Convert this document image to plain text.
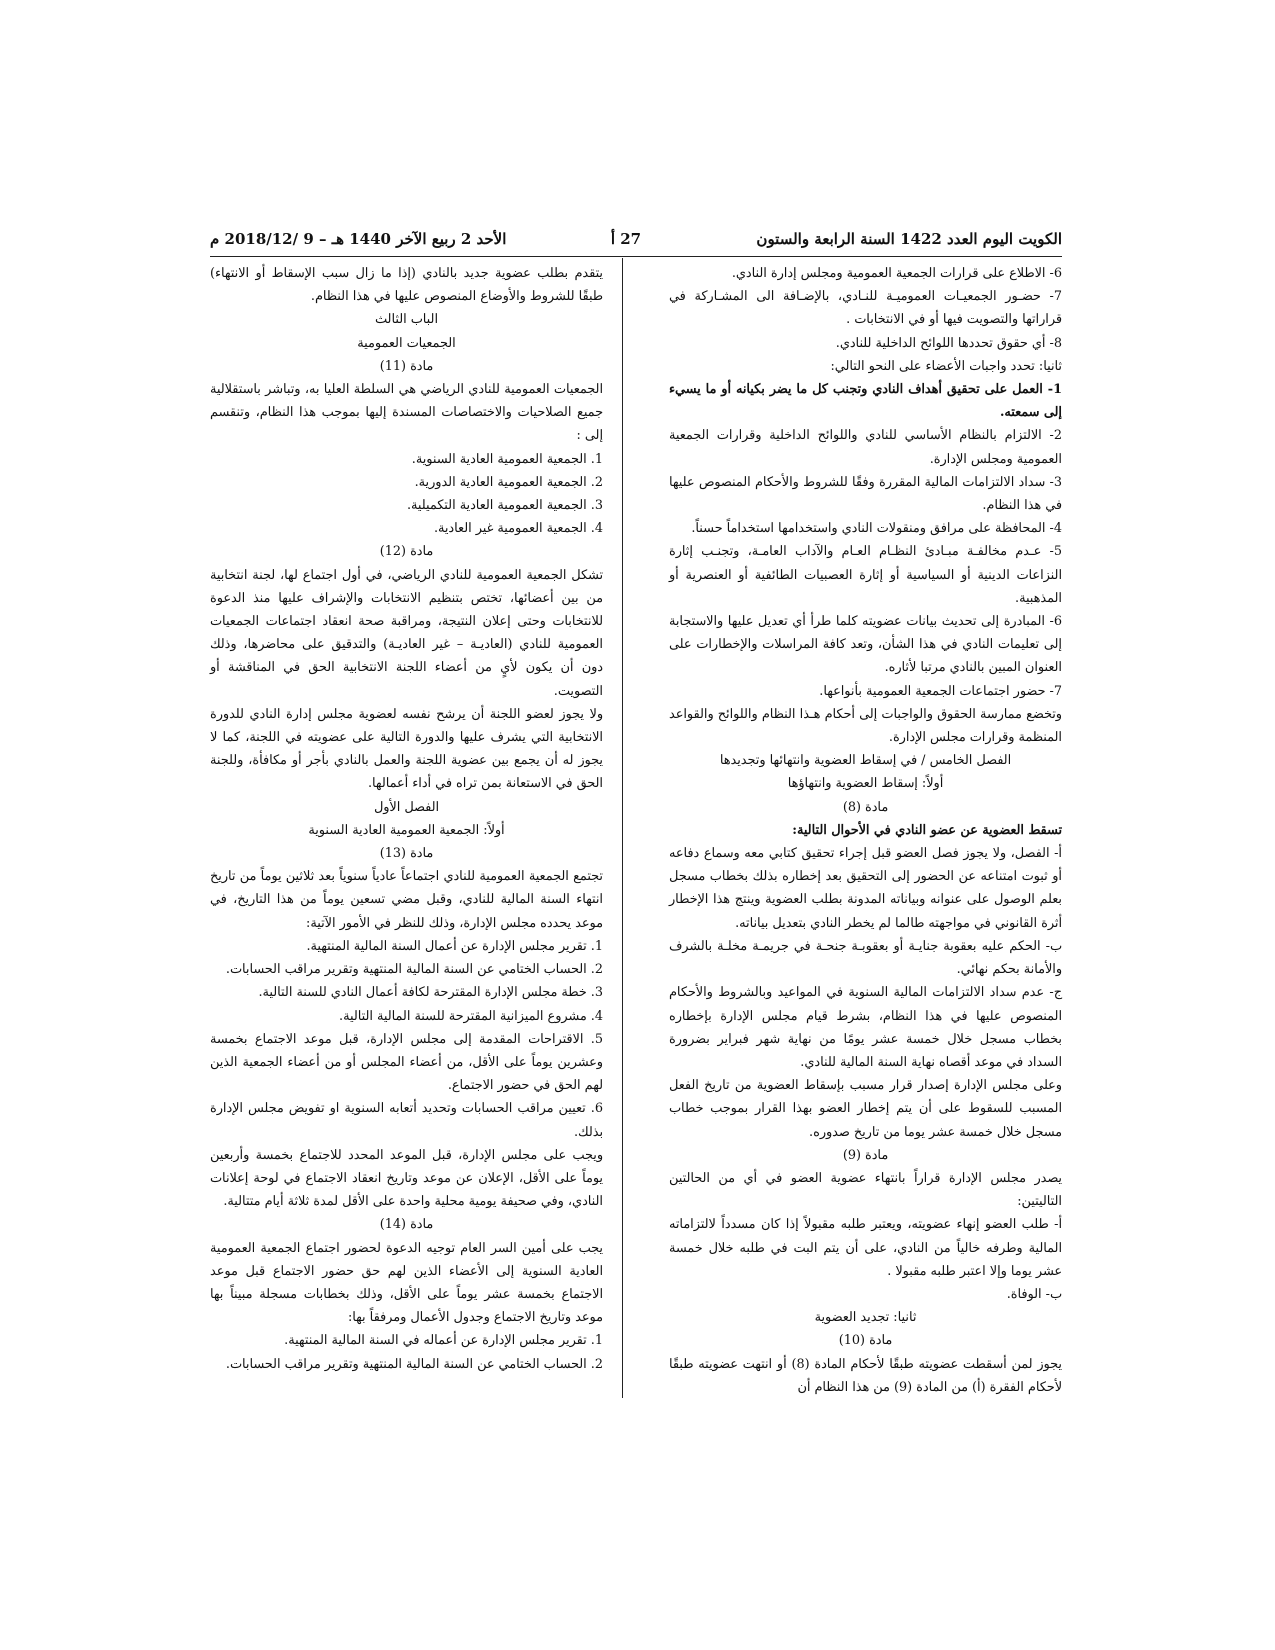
الكويت اليوم العدد 1422 السنة الرابعة والستون
27 أ
الأحد 2 ربيع الآخر 1440 هـ – 9 /2018/12 م

6- الاطلاع على قرارات الجمعية العمومية ومجلس إدارة النادي.

7- حضـور الجمعيـات العموميـة للنـادي، بالإضـافة الى المشـاركة في قراراتها والتصويت فيها أو في الانتخابات .

8- أي حقوق تحددها اللوائح الداخلية للنادي.

ثانيا: تحدد واجبات الأعضاء على النحو التالي:

1- العمل على تحقيق أهداف النادي وتجنب كل ما يضر بكيانه أو ما يسيء إلى سمعته.

2- الالتزام بالنظام الأساسي للنادي واللوائح الداخلية وقرارات الجمعية العمومية ومجلس الإدارة.

3- سداد الالتزامات المالية المقررة وفقًا للشروط والأحكام المنصوص عليها في هذا النظام.

4- المحافظة على مرافق ومنقولات النادي واستخدامها استخداماً حسناً.

5- عـدم مخالفـة مبـادئ النظـام العـام والآداب العامـة، وتجنـب إثارة النزاعات الدينية أو السياسية أو إثارة العصبيات الطائفية أو العنصرية أو المذهبية.

6- المبادرة إلى تحديث بيانات عضويته كلما طرأ أي تعديل عليها والاستجابة إلى تعليمات النادي في هذا الشأن، وتعد كافة المراسلات والإخطارات على العنوان المبين بالنادي مرتبا لأثاره.

7- حضور اجتماعات الجمعية العمومية بأنواعها.

وتخضع ممارسة الحقوق والواجبات إلى أحكام هـذا النظام واللوائح والقواعد المنظمة وقرارات مجلس الإدارة.

الفصل الخامس / في إسقاط العضوية وانتهائها وتجديدها

أولاً: إسقاط العضوية وانتهاؤها

مادة (8)

تسقط العضوية عن عضو النادي في الأحوال التالية:

أ- الفصل، ولا يجوز فصل العضو قبل إجراء تحقيق كتابي معه وسماع دفاعه أو ثبوت امتناعه عن الحضور إلى التحقيق بعد إخطاره بذلك بخطاب مسجل بعلم الوصول على عنوانه وبياناته المدونة بطلب العضوية وينتج هذا الإخطار أثرة القانوني في مواجهته طالما لم يخطر النادي بتعديل بياناته.

ب- الحكم عليه بعقوبة جنايـة أو بعقوبـة جنحـة في جريمـة مخلـة بالشرف والأمانة بحكم نهائي.

ج- عدم سداد الالتزامات المالية السنوية في المواعيد وبالشروط والأحكام المنصوص عليها في هذا النظام، بشرط قيام مجلس الإدارة بإخطاره بخطاب مسجل خلال خمسة عشر يومًا من نهاية شهر فبراير بضرورة السداد في موعد أقصاه نهاية السنة المالية للنادي.

وعلى مجلس الإدارة إصدار قرار مسبب بإسقاط العضوية من تاريخ الفعل المسبب للسقوط على أن يتم إخطار العضو بهذا القرار بموجب خطاب مسجل خلال خمسة عشر يوما من تاريخ صدوره.

مادة (9)

يصدر مجلس الإدارة قراراً بانتهاء عضوية العضو في أي من الحالتين التاليتين:

أ- طلب العضو إنهاء عضويته، ويعتبر طلبه مقبولاً إذا كان مسدداً لالتزاماته المالية وطرفه خالياً من النادي، على أن يتم البت في طلبه خلال خمسة عشر يوما وإلا اعتبر طلبه مقبولا .

ب- الوفاة.

ثانيا: تجديد العضوية

مادة (10)

يجوز لمن أسقطت عضويته طبقًا لأحكام المادة (8) أو انتهت عضويته طبقًا لأحكام الفقرة (أ) من المادة (9) من هذا النظام أن

يتقدم بطلب عضوية جديد بالنادي (إذا ما زال سبب الإسقاط أو الانتهاء) طبقًا للشروط والأوضاع المنصوص عليها في هذا النظام.

الباب الثالث

الجمعيات العمومية

مادة (11)

الجمعيات العمومية للنادي الرياضي هي السلطة العليا به، وتباشر باستقلالية جميع الصلاحيات والاختصاصات المسندة إليها بموجب هذا النظام، وتنقسم إلى :

1. الجمعية العمومية العادية السنوية.

2. الجمعية العمومية العادية الدورية.

3. الجمعية العمومية العادية التكميلية.

4. الجمعية العمومية غير العادية.

مادة (12)

تشكل الجمعية العمومية للنادي الرياضي، في أول اجتماع لها، لجنة انتخابية من بين أعضائها، تختص بتنظيم الانتخابات والإشراف عليها منذ الدعوة للانتخابات وحتى إعلان النتيجة، ومراقبة صحة انعقاد اجتماعات الجمعيات العمومية للنادي (العاديـة – غير العاديـة) والتدقيق على محاضرها، وذلك دون أن يكون لأيٍ من أعضاء اللجنة الانتخابية الحق في المناقشة أو التصويت.

ولا يجوز لعضو اللجنة أن يرشح نفسه لعضوية مجلس إدارة النادي للدورة الانتخابية التي يشرف عليها والدورة التالية على عضويته في اللجنة، كما لا يجوز له أن يجمع بين عضوية اللجنة والعمل بالنادي بأجر أو مكافأة، وللجنة الحق في الاستعانة بمن تراه في أداء أعمالها.

الفصل الأول

أولاً: الجمعية العمومية العادية السنوية

مادة (13)

تجتمع الجمعية العمومية للنادي اجتماعاً عادياً سنوياً بعد ثلاثين يوماً من تاريخ انتهاء السنة المالية للنادي، وقبل مضي تسعين يوماً من هذا التاريخ، في موعد يحدده مجلس الإدارة، وذلك للنظر في الأمور الآتية:

1. تقرير مجلس الإدارة عن أعمال السنة المالية المنتهية.

2. الحساب الختامي عن السنة المالية المنتهية وتقرير مراقب الحسابات.

3. خطة مجلس الإدارة المقترحة لكافة أعمال النادي للسنة التالية.

4. مشروع الميزانية المقترحة للسنة المالية التالية.

5. الاقتراحات المقدمة إلى مجلس الإدارة، قبل موعد الاجتماع بخمسة وعشرين يوماً على الأقل، من أعضاء المجلس أو من أعضاء الجمعية الذين لهم الحق في حضور الاجتماع.

6. تعيين مراقب الحسابات وتحديد أتعابه السنوية او تفويض مجلس الإدارة بذلك.

ويجب على مجلس الإدارة، قبل الموعد المحدد للاجتماع بخمسة وأربعين يوماً على الأقل، الإعلان عن موعد وتاريخ انعقاد الاجتماع في لوحة إعلانات النادي، وفي صحيفة يومية محلية واحدة على الأقل لمدة ثلاثة أيام متتالية.

مادة (14)

يجب على أمين السر العام توجيه الدعوة لحضور اجتماع الجمعية العمومية العادية السنوية إلى الأعضاء الذين لهم حق حضور الاجتماع قبل موعد الاجتماع بخمسة عشر يوماً على الأقل، وذلك بخطابات مسجلة مبيناً بها موعد وتاريخ الاجتماع وجدول الأعمال ومرفقاً بها:

1. تقرير مجلس الإدارة عن أعماله في السنة المالية المنتهية.

2. الحساب الختامي عن السنة المالية المنتهية وتقرير مراقب الحسابات.
